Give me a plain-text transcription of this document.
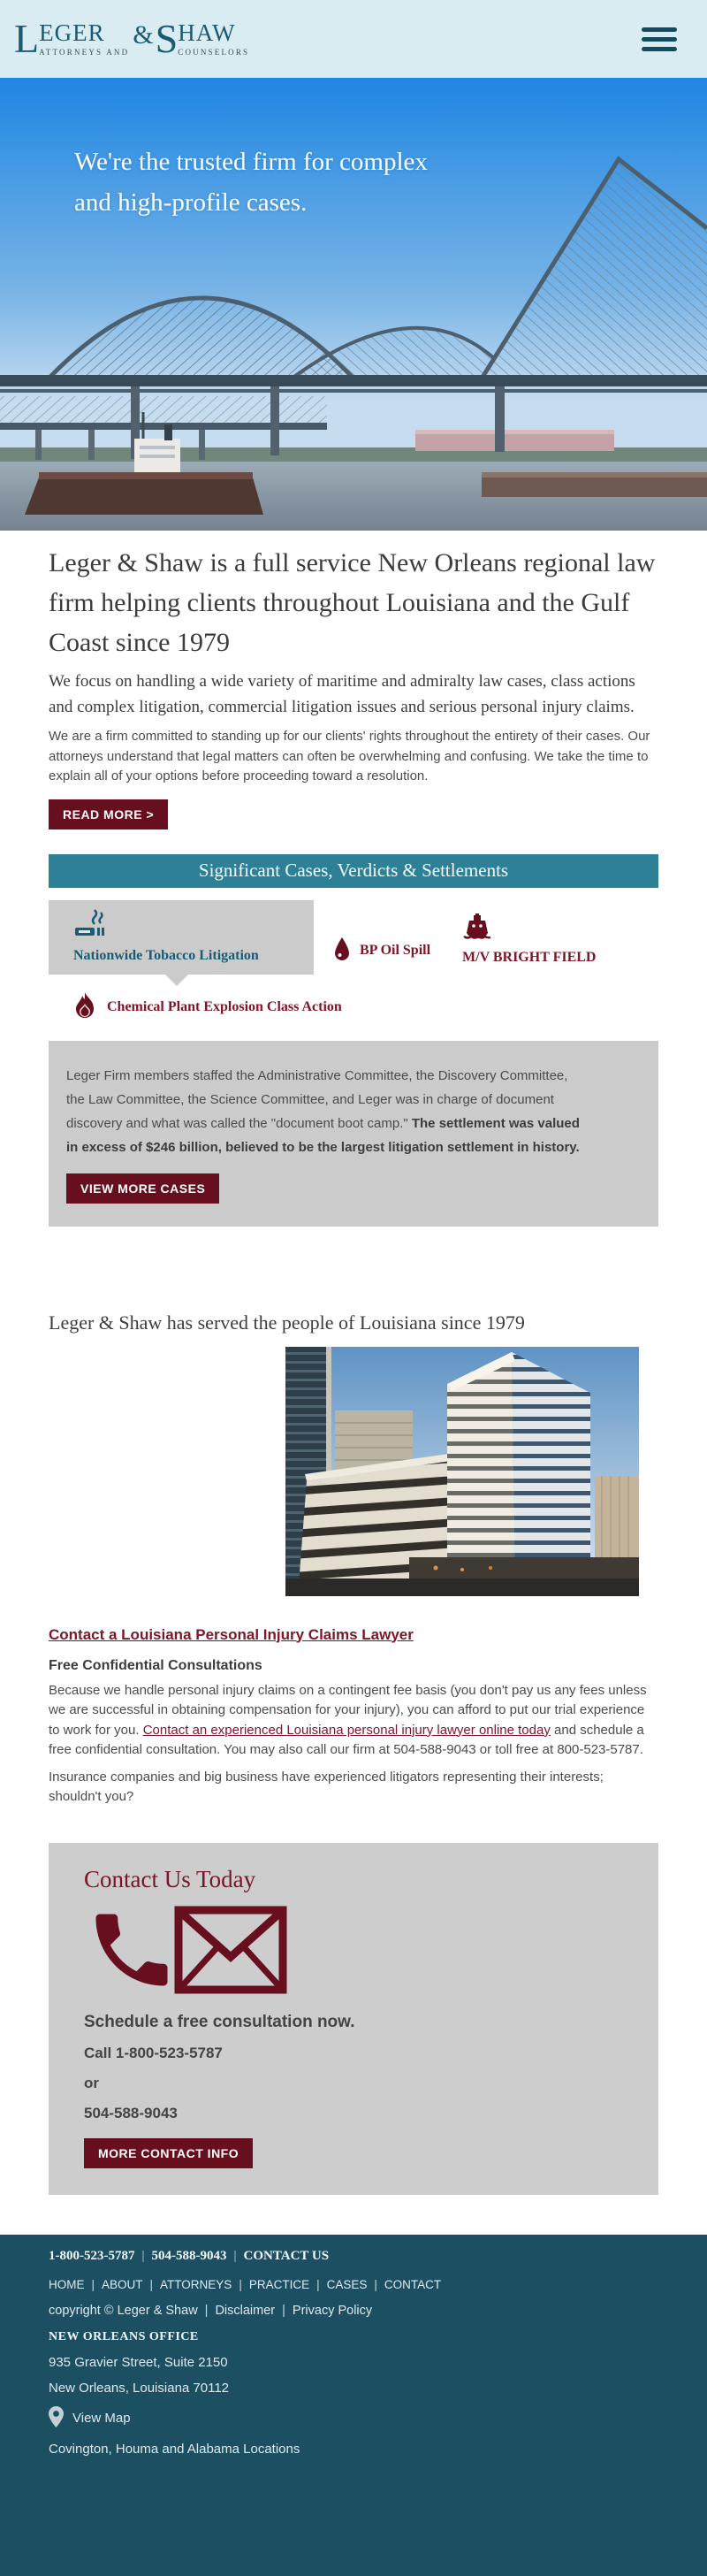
L EGER
ATTORNEYS AND
& S HAW
COUNSELORS
We're the trusted firm for complex
and high-profile cases.
Leger & Shaw is a full service New Orleans regional law firm helping clients throughout Louisiana and the Gulf Coast since 1979
We focus on handling a wide variety of maritime and admiralty law cases, class actions and complex litigation, commercial litigation issues and serious personal injury claims.

We are a firm committed to standing up for our clients' rights throughout the entirety of their cases. Our attorneys understand that legal matters can often be overwhelming and confusing. We take the time to explain all of your options before proceeding toward a resolution.

READ MORE >
Significant Cases, Verdicts & Settlements
Nationwide Tobacco Litigation	BP Oil Spill M/V BRIGHT FIELD
Chemical Plant Explosion Class Action
Leger Firm members staffed the Administrative Committee, the Discovery Committee, the Law Committee, the Science Committee, and Leger was in charge of document discovery and what was called the "document boot camp." The settlement was valued in excess of $246 billion, believed to be the largest litigation settlement in history.
VIEW MORE CASES
Leger & Shaw has served the people of Louisiana since 1979
Contact a Louisiana Personal Injury Claims Lawyer
Free Confidential Consultations

Because we handle personal injury claims on a contingent fee basis (you don't pay us any fees unless we are successful in obtaining compensation for your injury), you can afford to put our trial experience to work for you. Contact an experienced Louisiana personal injury lawyer online today and schedule a free confidential consultation. You may also call our firm at 504-588-9043 or toll free at 800-523-5787.

Insurance companies and big business have experienced litigators representing their interests; shouldn't you?

Contact Us Today
Schedule a free consultation now.
Call 1-800-523-5787
or
504-588-9043
MORE CONTACT INFO
1-800-523-5787 |	504-588-9043 |	CONTACT US
HOME |	ABOUT |	ATTORNEYS |	PRACTICE |	CASES |	CONTACT
copyright © Leger & Shaw |	Disclaimer |	Privacy Policy
NEW ORLEANS OFFICE
935 Gravier Street, Suite 2150
New Orleans, Louisiana 70112
View Map
Covington, Houma and Alabama Locations
